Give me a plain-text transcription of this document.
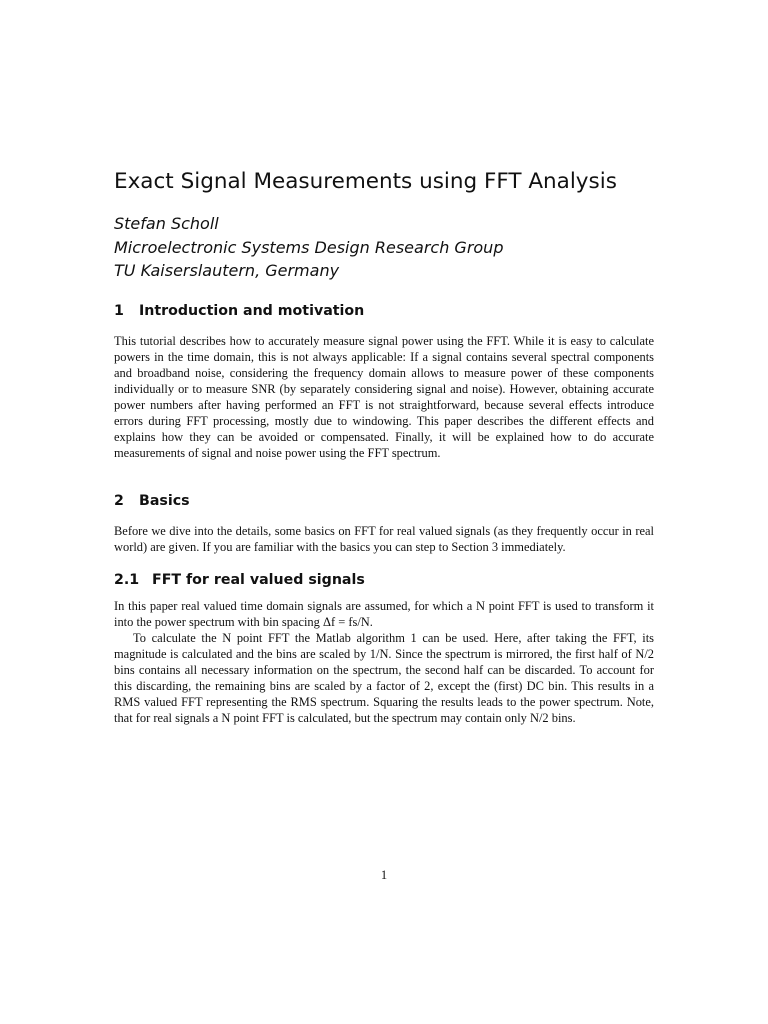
Exact Signal Measurements using FFT Analysis
Stefan Scholl
Microelectronic Systems Design Research Group
TU Kaiserslautern, Germany
1 Introduction and motivation

This tutorial describes how to accurately measure signal power using the FFT. While it is easy to calculate powers in the time domain, this is not always applicable: If a signal contains several spectral components and broadband noise, considering the frequency domain allows to measure power of these components individually or to measure SNR (by separately considering signal and noise). However, obtaining accurate power numbers after having performed an FFT is not straightforward, because several effects introduce errors during FFT processing, mostly due to windowing. This paper describes the different effects and explains how they can be avoided or compensated. Finally, it will be explained how to do accurate measurements of signal and noise power using the FFT spectrum.

2 Basics

Before we dive into the details, some basics on FFT for real valued signals (as they frequently occur in real world) are given. If you are familiar with the basics you can step to Section 3 immediately.

2.1 FFT for real valued signals

In this paper real valued time domain signals are assumed, for which a N point FFT is used to transform it into the power spectrum with bin spacing Δf = fs/N.

To calculate the N point FFT the Matlab algorithm 1 can be used. Here, after taking the FFT, its magnitude is calculated and the bins are scaled by 1/N. Since the spectrum is mirrored, the first half of N/2 bins contains all necessary information on the spectrum, the second half can be discarded. To account for this discarding, the remaining bins are scaled by a factor of 2, except the (first) DC bin. This results in a RMS valued FFT representing the RMS spectrum. Squaring the results leads to the power spectrum. Note, that for real signals a N point FFT is calculated, but the spectrum may contain only N/2 bins.

1
